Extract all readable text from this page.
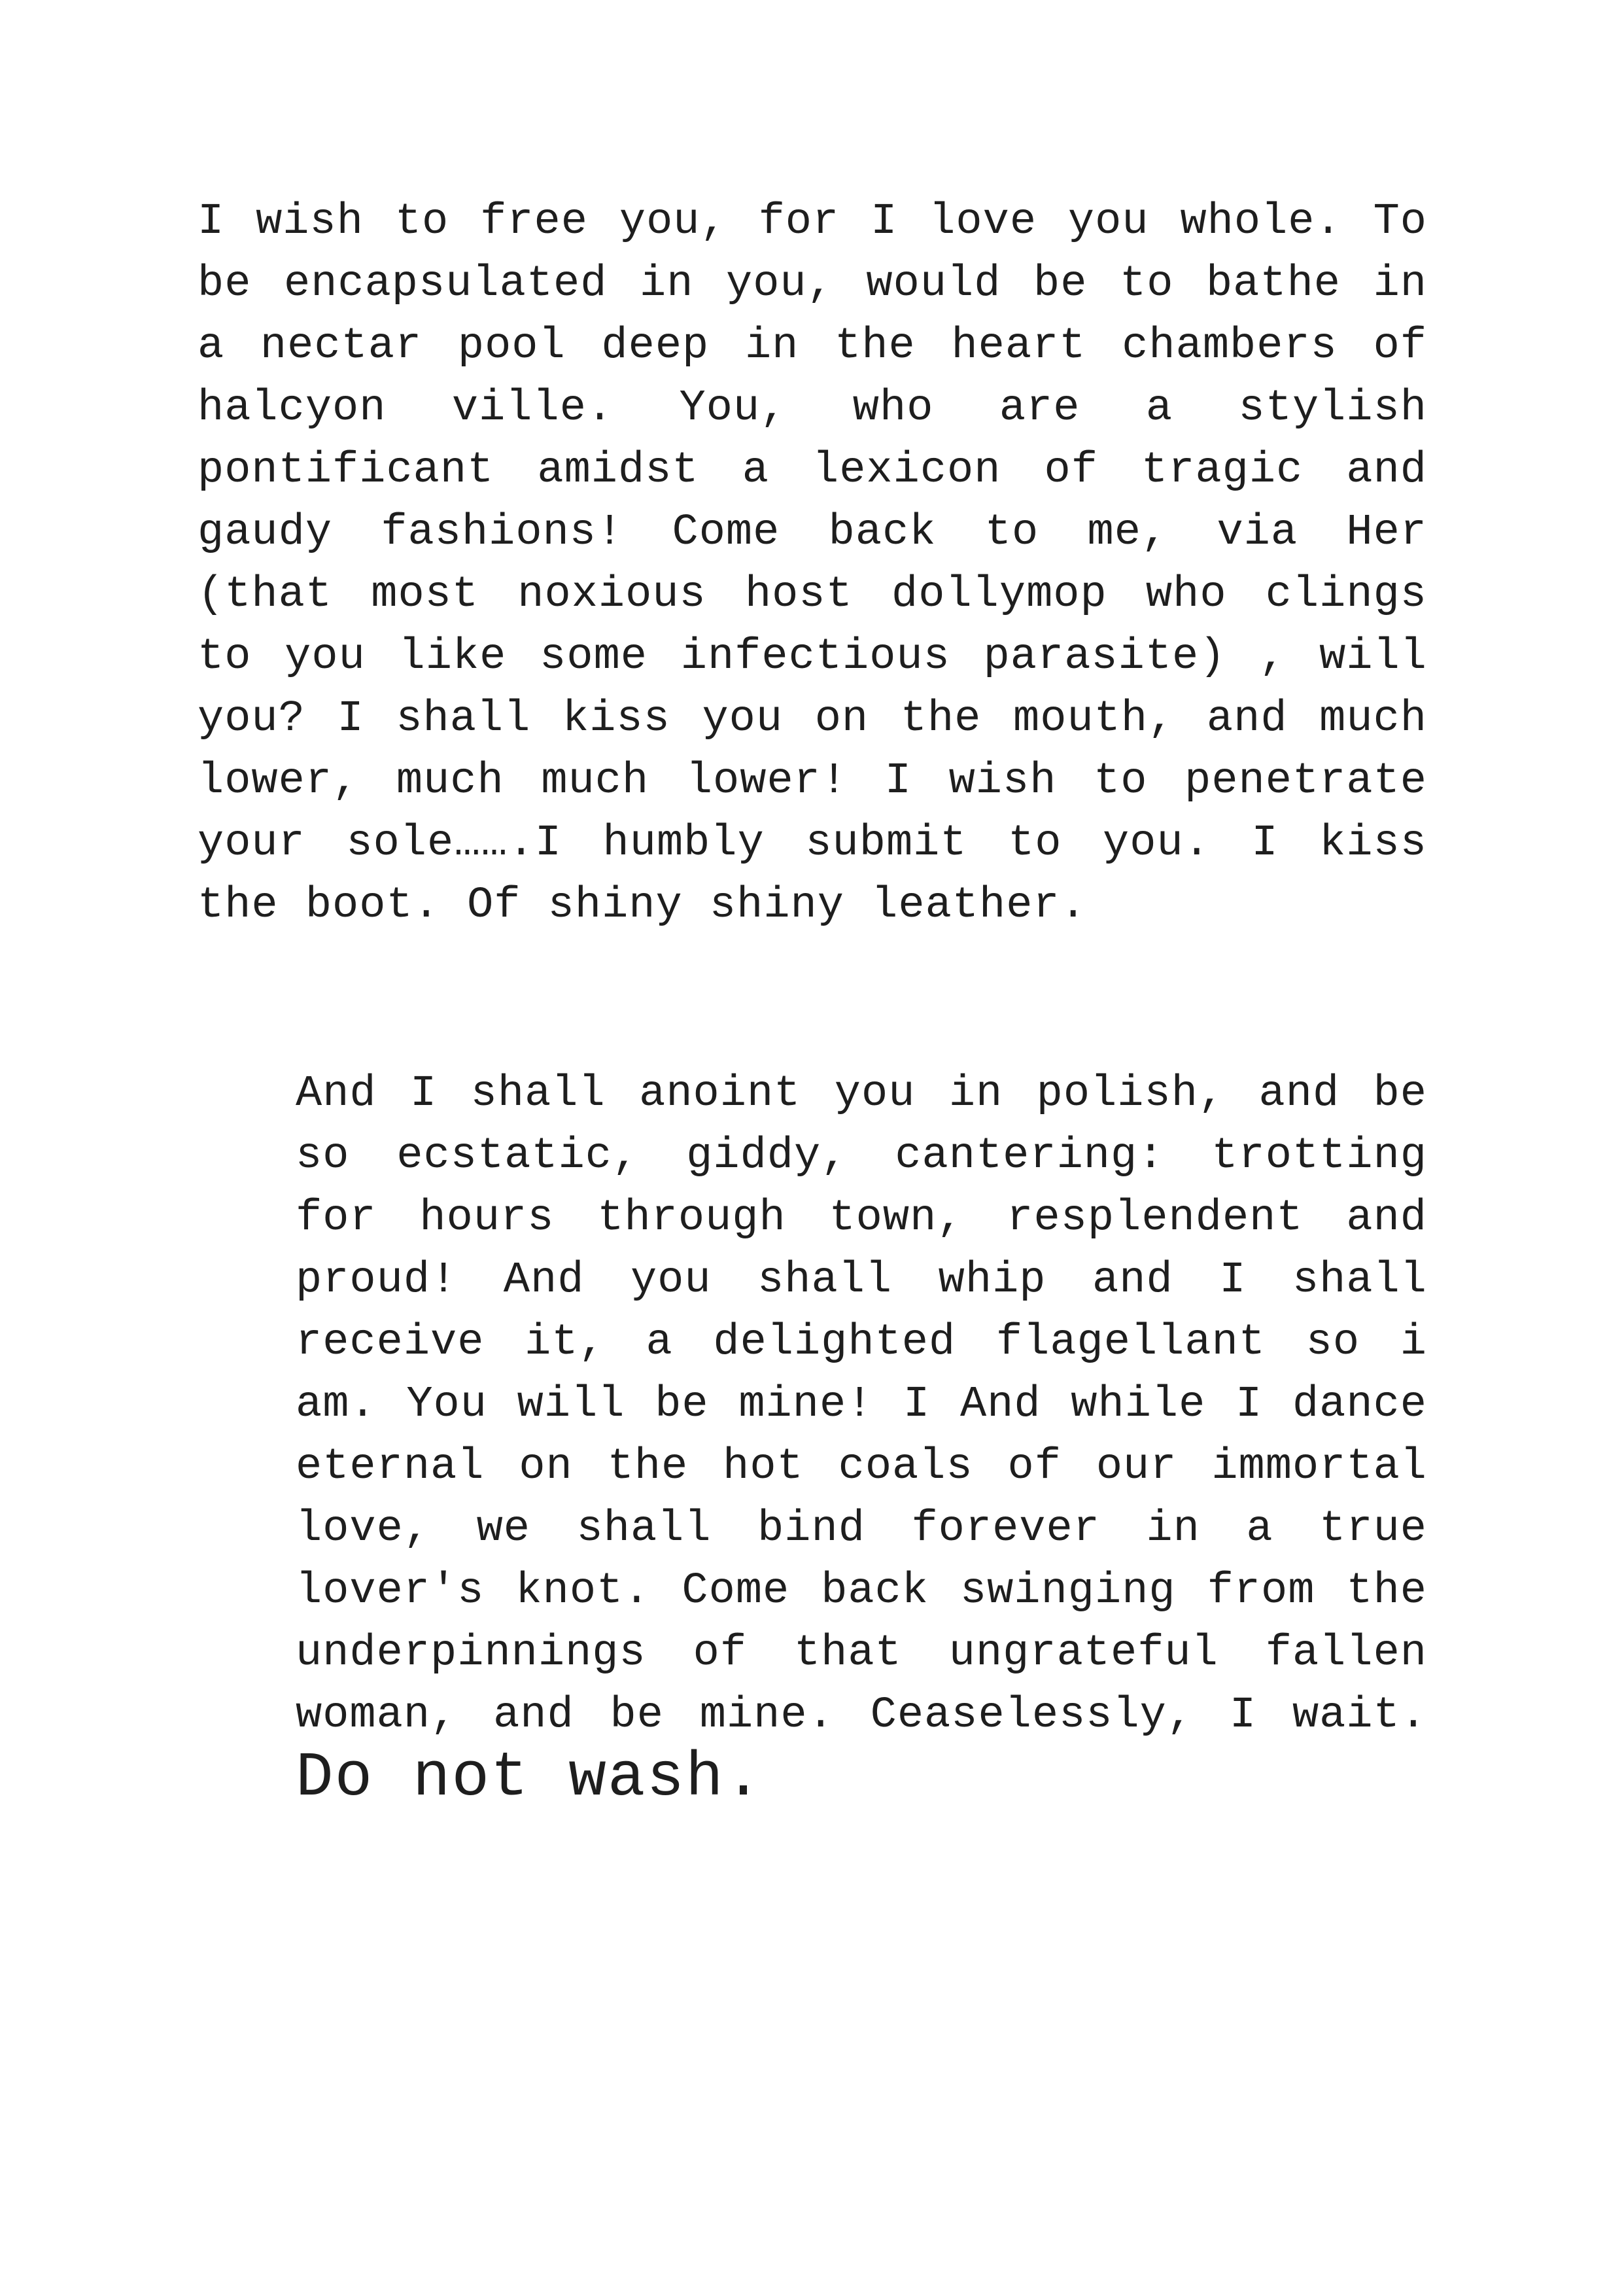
I wish to free you, for I love you whole. To be encapsulated in you, would be to bathe in a nectar pool deep in the heart chambers of halcyon ville. You, who are a stylish pontificant amidst a lexicon of tragic and gaudy fashions! Come back to me, via Her (that most noxious host dollymop who clings to you like some infectious parasite) , will you? I shall kiss you on the mouth, and much lower, much much lower! I wish to penetrate your sole…….I humbly submit to you. I kiss the boot. Of shiny shiny leather.

And I shall anoint you in polish, and be so ecstatic, giddy, cantering: trotting for hours through town, resplendent and proud! And you shall whip and I shall receive it, a delighted flagellant so i am. You will be mine! I And while I dance eternal on the hot coals of our immortal love, we shall bind forever in a true lover's knot. Come back swinging from the underpinnings of that ungrateful fallen woman, and be mine. Ceaselessly, I wait. Do not wash.
